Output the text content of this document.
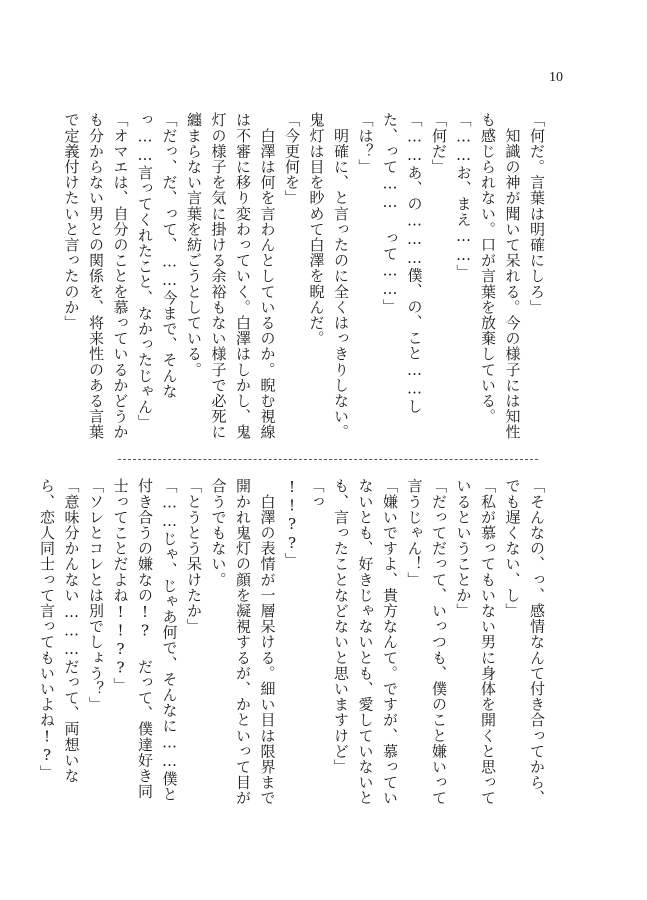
10

「何だ。言葉は明確にしろ」

　知識の神が聞いて呆れる。今の様子には知性も感じられない。口が言葉を放棄している。

「……お、まえ……」

「何だ」

「……あ、の………僕、の、こと……した、って…… って……」

「は？」

　明確に、と言ったのに全くはっきりしない。鬼灯は目を眇めて白澤を睨んだ。

「今更何を」

　白澤は何を言わんとしているのか。睨む視線は不審に移り変わっていく。白澤はしかし、鬼灯の様子を気に掛ける余裕もない様子で必死に纏まらない言葉を紡ごうとしている。

「だっ、だ、って、……今まで、そんなっ……言ってくれたこと、なかったじゃん」

「オマエは、自分のことを慕っているかどうかも分からない男との関係を、将来性のある言葉で定義付けたいと言ったのか」

「そんなの、っ、感情なんて付き合ってから、でも遅くない、し」

「私が慕ってもいない男に身体を開くと思っているということか」

「だってだって、いっつも、僕のこと嫌いって言うじゃん！」

「嫌いですよ、貴方なんて。ですが、慕っていないとも、好きじゃないとも、愛していないとも、言ったことなどないと思いますけど」

「っ

!!??」

　白澤の表情が一層呆ける。細い目は限界まで開かれ鬼灯の顔を凝視するが、かといって目が合うでもない。

「とうとう呆けたか」

「……じゃ、じゃあ何で、そんなに……僕と付き合うの嫌なの!? だって、僕達好き同士ってことだよね!!??」

「ソレとコレとは別でしょう？」

「意味分かんない………だって、両想いなら、恋人同士って言ってもいいよね!?」
